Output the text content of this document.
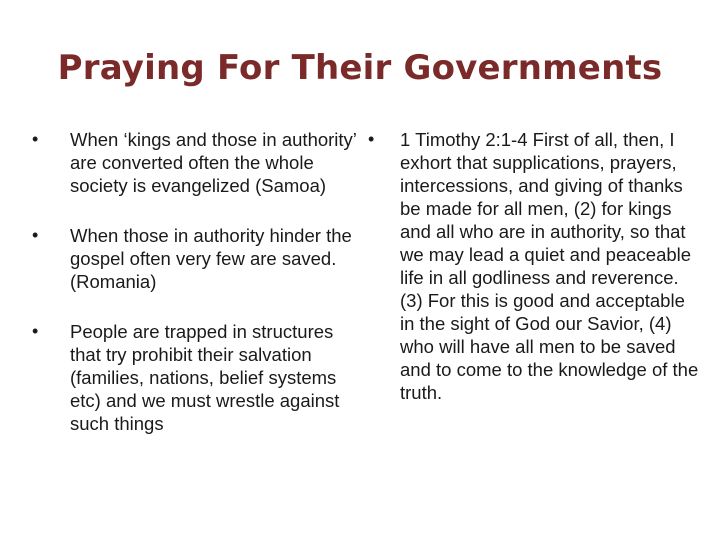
Praying For Their Governments
•	When ‘kings and those in authority’ are converted often the whole society is evangelized (Samoa)
•	When those in authority hinder the gospel often very few are saved. (Romania)
•	People are trapped in structures that try prohibit their salvation (families, nations, belief systems etc) and we must wrestle against such things
•	1 Timothy 2:1-4 First of all, then, I exhort that supplications, prayers, intercessions, and giving of thanks be made for all men, (2) for kings and all who are in authority, so that we may lead a quiet and peaceable life in all godliness and reverence. (3) For this is good and acceptable in the sight of God our Savior, (4) who will have all men to be saved and to come to the knowledge of the truth.
